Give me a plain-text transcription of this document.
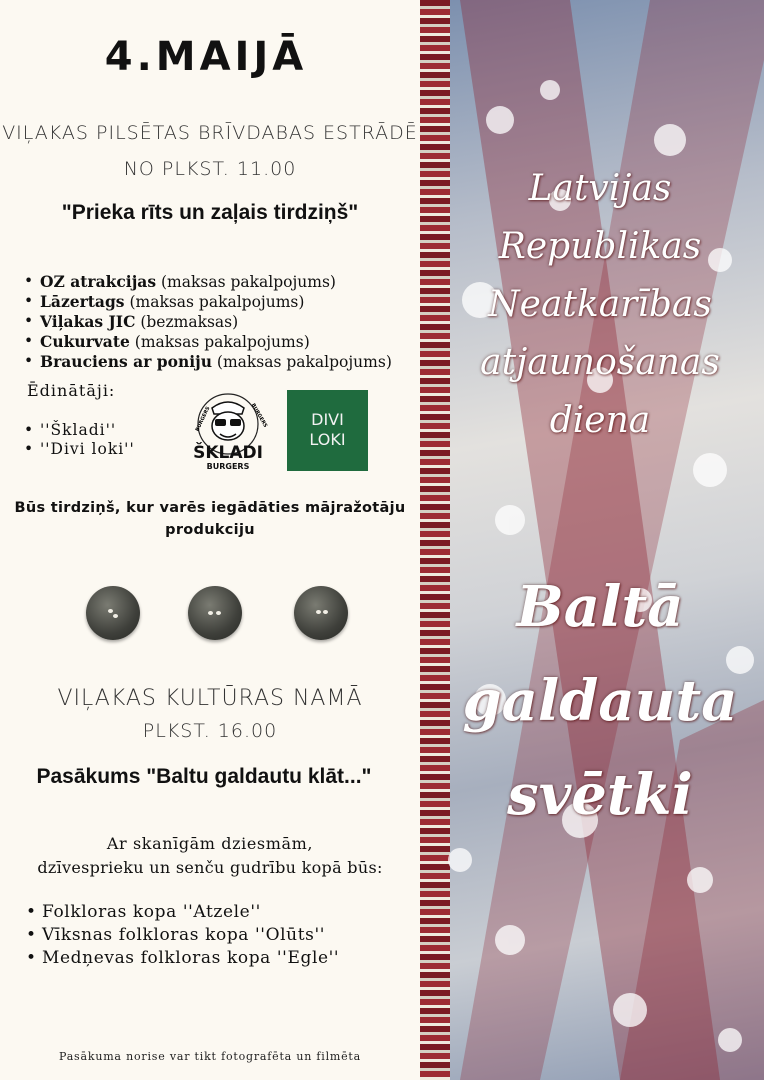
4.MAIJĀ
VIĻAKAS PILSĒTAS BRĪVDABAS ESTRĀDĒ
NO PLKST. 11.00
"Prieka rīts un zaļais tirdziņš"
• OZ atrakcijas (maksas pakalpojums)
• Lāzertags (maksas pakalpojums)
• Viļakas JIC (bezmaksas)
• Cukurvate (maksas pakalpojums)
• Brauciens ar poniju (maksas pakalpojums)
Ēdinātāji:
• ''Škladi''
• ''Divi loki''
BURGERS	BURGERS
ŠKLADI
BURGERS
DIVI
LOKI
Būs tirdziņš, kur varēs iegādāties mājražotāju produkciju
VIĻAKAS KULTŪRAS NAMĀ
PLKST. 16.00
Pasākums "Baltu galdautu klāt..."
Ar skanīgām dziesmām,
dzīvesprieku un senču gudrību kopā būs:
• Folkloras kopa ''Atzele''
• Vīksnas folkloras kopa ''Olūts''
• Medņevas folkloras kopa ''Egle''
Pasākuma norise var tikt fotografēta un filmēta
Latvijas
Republikas
Neatkarības
atjaunošanas
diena
Baltā
galdauta
svētki
